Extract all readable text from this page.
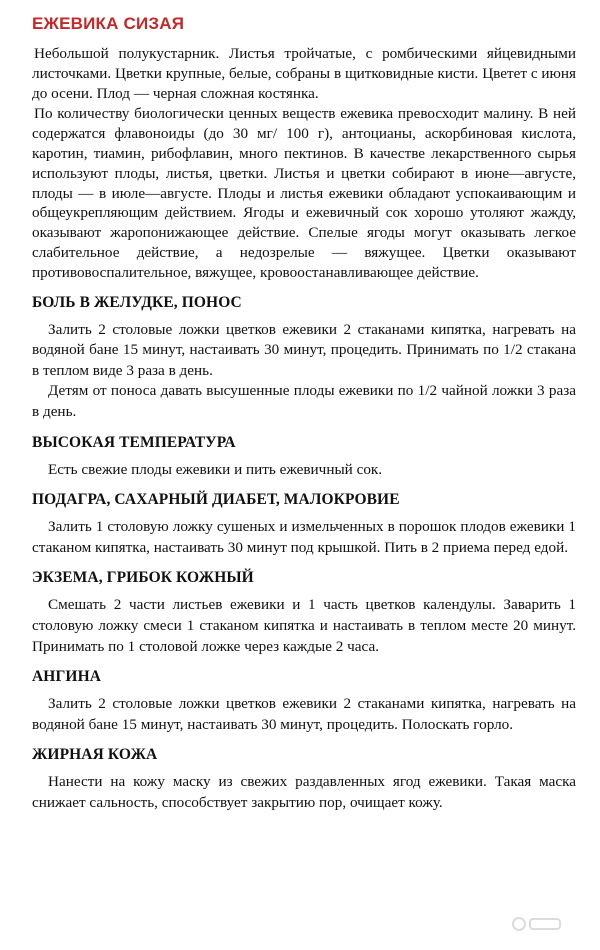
ЕЖЕВИКА СИЗАЯ

Небольшой полукустарник. Листья тройчатые, с ромбическими яйцевидными листочками. Цветки крупные, белые, собраны в щитковидные кисти. Цветет с июня до осени. Плод — черная сложная костянка.

По количеству биологически ценных веществ ежевика превосходит малину. В ней содержатся флавоноиды (до 30 мг/ 100 г), антоцианы, аскорбиновая кислота, каротин, тиамин, рибофлавин, много пектинов. В качестве лекарственного сырья используют плоды, листья, цветки. Листья и цветки собирают в июне—августе, плоды — в июле—августе. Плоды и листья ежевики обладают успокаивающим и общеукрепляющим действием. Ягоды и ежевичный сок хорошо утоляют жажду, оказывают жаропонижающее действие. Спелые ягоды могут оказывать легкое слабительное действие, а недозрелые — вяжущее. Цветки оказывают противовоспалительное, вяжущее, кровоостанавливающее действие.

БОЛЬ В ЖЕЛУДКЕ, ПОНОС

Залить 2 столовые ложки цветков ежевики 2 стаканами кипятка, нагревать на водяной бане 15 минут, настаивать 30 минут, процедить. Принимать по 1/2 стакана в теплом виде 3 раза в день.

Детям от поноса давать высушенные плоды ежевики по 1/2 чайной ложки 3 раза в день.

ВЫСОКАЯ ТЕМПЕРАТУРА

Есть свежие плоды ежевики и пить ежевичный сок.

ПОДАГРА, САХАРНЫЙ ДИАБЕТ, МАЛОКРОВИЕ

Залить 1 столовую ложку сушеных и измельченных в порошок плодов ежевики 1 стаканом кипятка, настаивать 30 минут под крышкой. Пить в 2 приема перед едой.

ЭКЗЕМА, ГРИБОК КОЖНЫЙ

Смешать 2 части листьев ежевики и 1 часть цветков календулы. Заварить 1 столовую ложку смеси 1 стаканом кипятка и настаивать в теплом месте 20 минут. Принимать по 1 столовой ложке через каждые 2 часа.

АНГИНА

Залить 2 столовые ложки цветков ежевики 2 стаканами кипятка, нагревать на водяной бане 15 минут, настаивать 30 минут, процедить. Полоскать горло.

ЖИРНАЯ КОЖА

Нанести на кожу маску из свежих раздавленных ягод ежевики. Такая маска снижает сальность, способствует закрытию пор, очищает кожу.
